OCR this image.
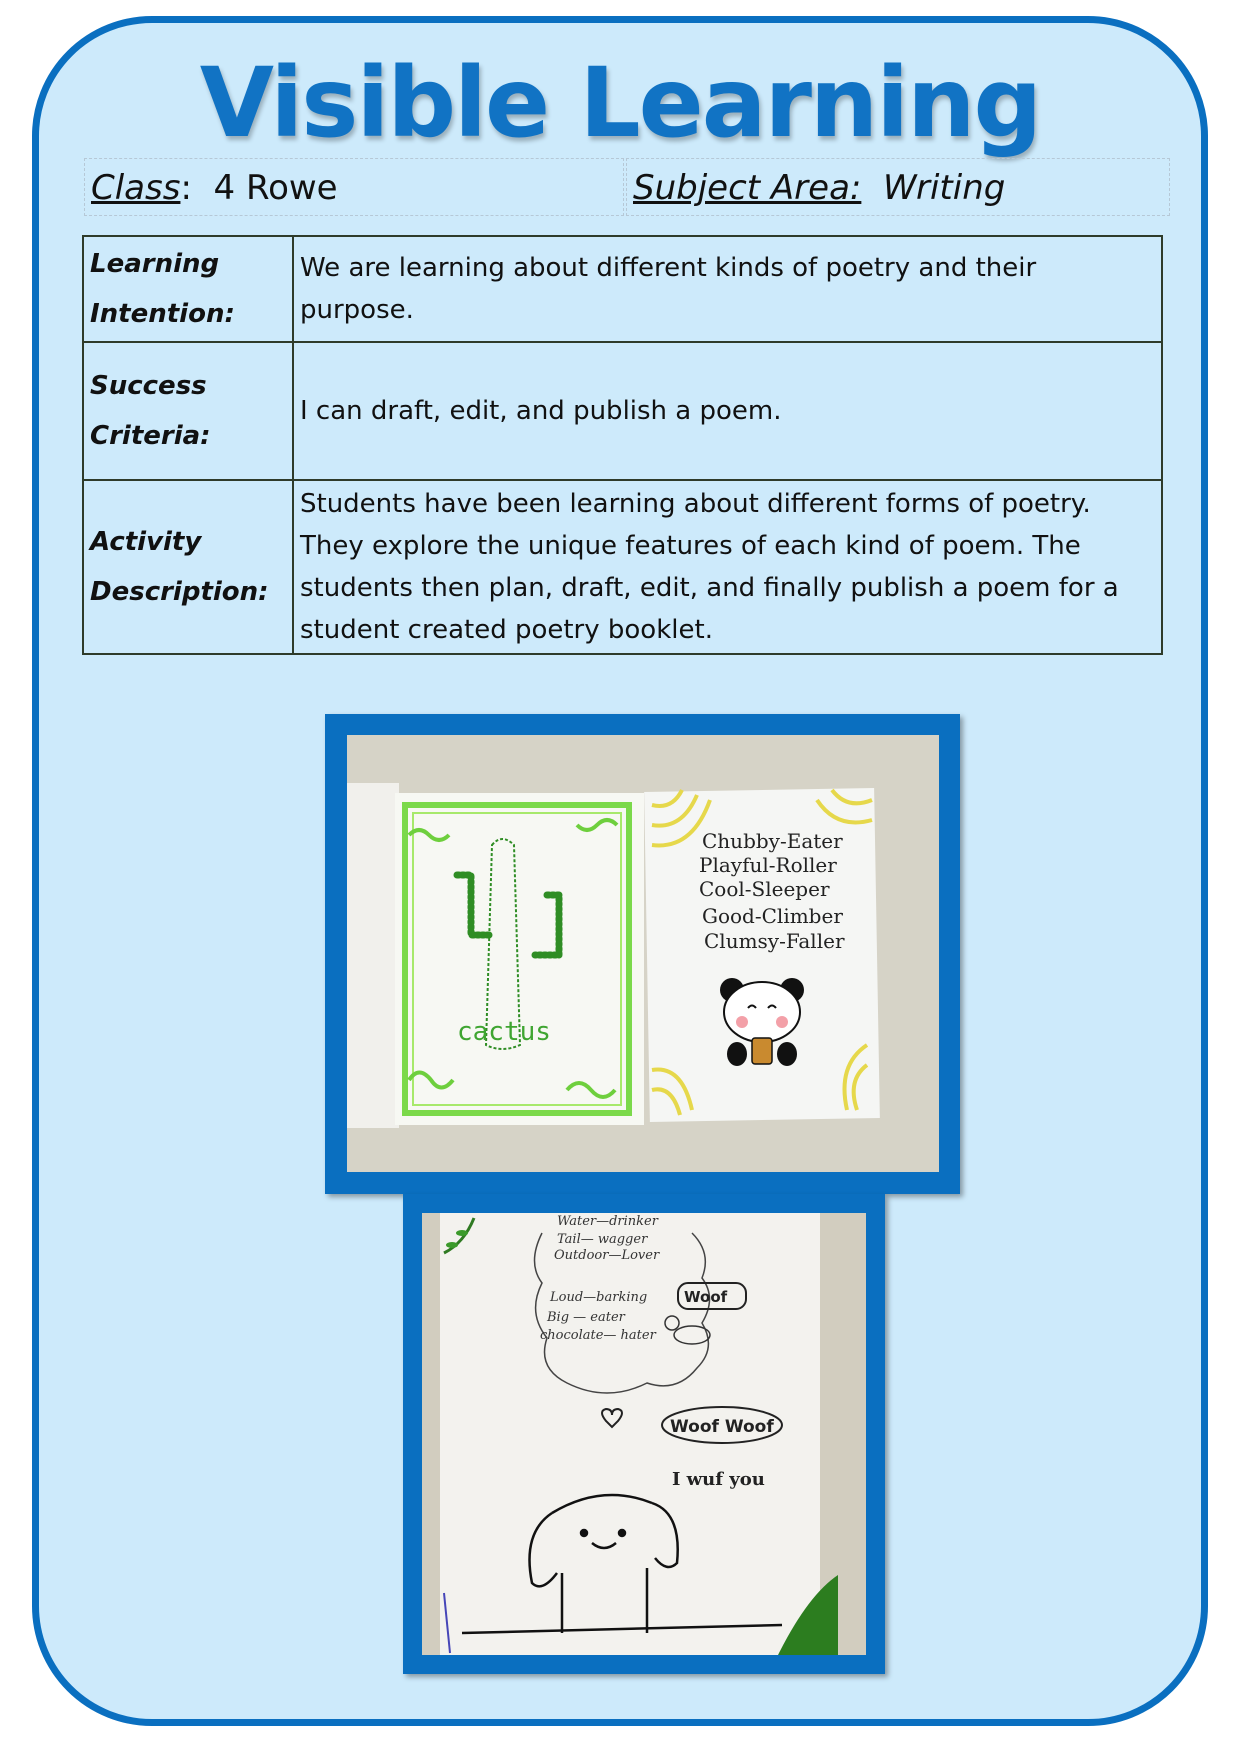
Visible Learning
Class:  4 Rowe	Subject Area: Writing
Learning
Intention:	We are learning about different kinds of poetry and their purpose.
Success
Criteria:	I can draft, edit, and publish a poem.
Activity
Description:	Students have been learning about different forms of poetry. They explore the unique features of each kind of poem. The students then plan, draft, edit, and finally publish a poem for a student created poetry booklet.
cactus
Chubby-Eater Playful-Roller Cool-Sleeper Good-Climber Clumsy-Faller
Water—drinker Tail— wagger Outdoor—Lover Loud—barking Big — eater chocolate— hater
Woof
Woof Woof
I wuf you
